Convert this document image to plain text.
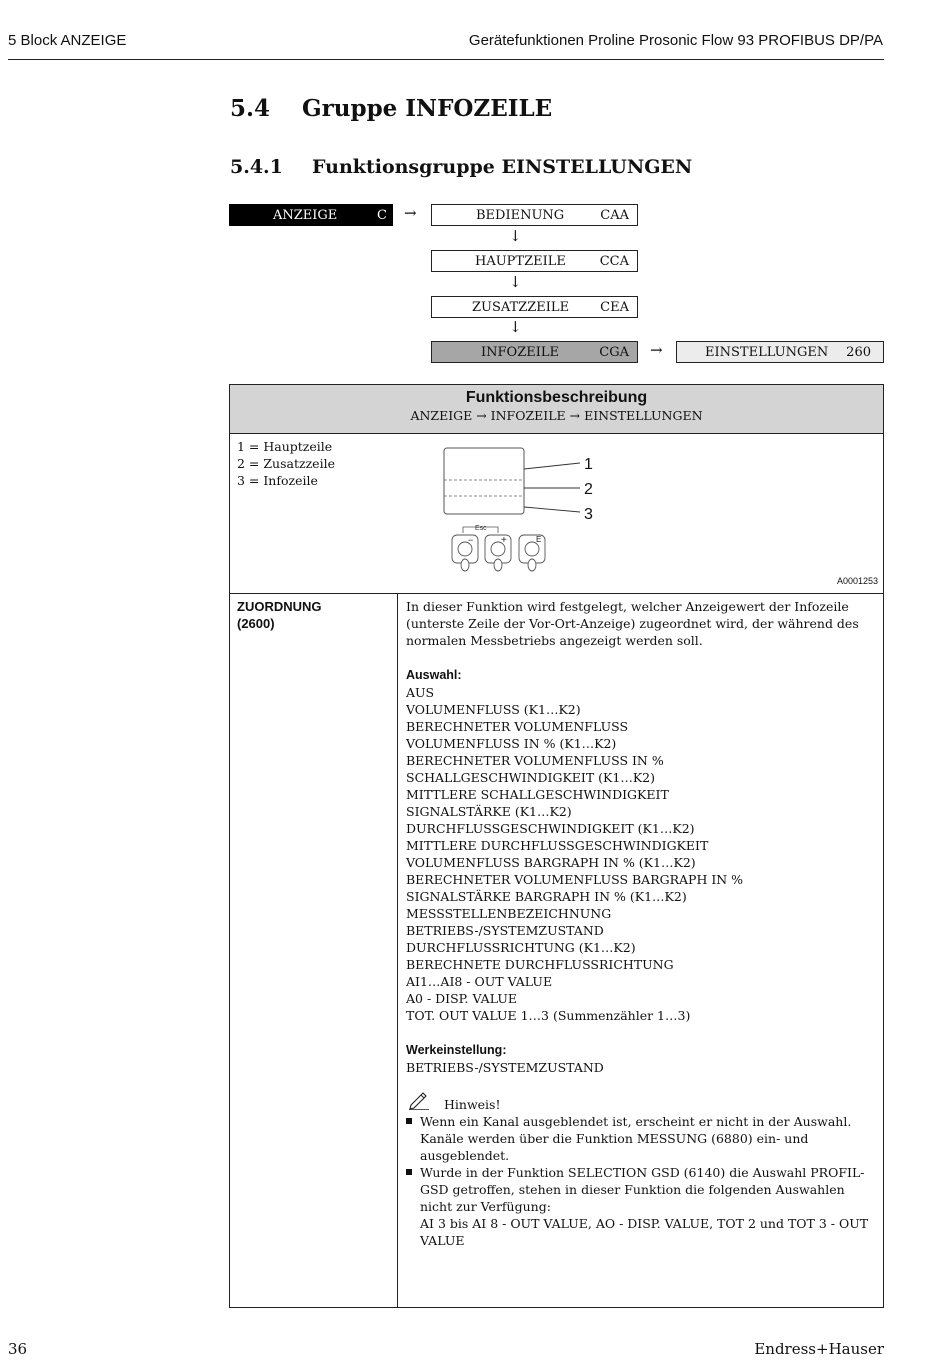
5 Block ANZEIGE	Gerätefunktionen Proline Prosonic Flow 93 PROFIBUS DP/PA
5.4 Gruppe INFOZEILE
5.4.1 Funktionsgruppe EINSTELLUNGEN
ANZEIGE	C →	BEDIENUNG	CAA
↓
HAUPTZEILE	CCA
↓
ZUSATZZEILE CEA
↓
INFOZEILE	CGA →	EINSTELLUNGEN 260
Funktionsbeschreibung
ANZEIGE → INFOZEILE → EINSTELLUNGEN
1 = Hauptzeile
2 = Zusatzzeile
3 = Infozeile
1
2
3
Esc
−	+	E
A0001253
ZUORDNUNG
(2600)

In dieser Funktion wird festgelegt, welcher Anzeigewert der Infozeile (unterste Zeile der Vor-Ort-Anzeige) zugeordnet wird, der während des normalen Messbetriebs angezeigt werden soll.

Auswahl:

AUS
VOLUMENFLUSS (K1…K2)
BERECHNETER VOLUMENFLUSS
VOLUMENFLUSS IN % (K1…K2)
BERECHNETER VOLUMENFLUSS IN %
SCHALLGESCHWINDIGKEIT (K1…K2)
MITTLERE SCHALLGESCHWINDIGKEIT
SIGNALSTÄRKE (K1…K2)
DURCHFLUSSGESCHWINDIGKEIT (K1…K2)
MITTLERE DURCHFLUSSGESCHWINDIGKEIT
VOLUMENFLUSS BARGRAPH IN % (K1…K2)
BERECHNETER VOLUMENFLUSS BARGRAPH IN %
SIGNALSTÄRKE BARGRAPH IN % (K1…K2)
MESSSTELLENBEZEICHNUNG
BETRIEBS-/SYSTEMZUSTAND
DURCHFLUSSRICHTUNG (K1…K2)
BERECHNETE DURCHFLUSSRICHTUNG
AI1…AI8 - OUT VALUE
A0 - DISP. VALUE
TOT. OUT VALUE 1…3 (Summenzähler 1…3)

Werkeinstellung:

BETRIEBS-/SYSTEMZUSTAND

Hinweis!
Wenn ein Kanal ausgeblendet ist, erscheint er nicht in der Auswahl. Kanäle werden über die Funktion MESSUNG (6880) ein- und ausgeblendet.
Wurde in der Funktion SELECTION GSD (6140) die Auswahl PROFIL-GSD getroffen, stehen in dieser Funktion die folgenden Auswahlen nicht zur Verfügung:
AI 3 bis AI 8 - OUT VALUE, AO - DISP. VALUE, TOT 2 und TOT 3 - OUT VALUE
36	Endress+Hauser
